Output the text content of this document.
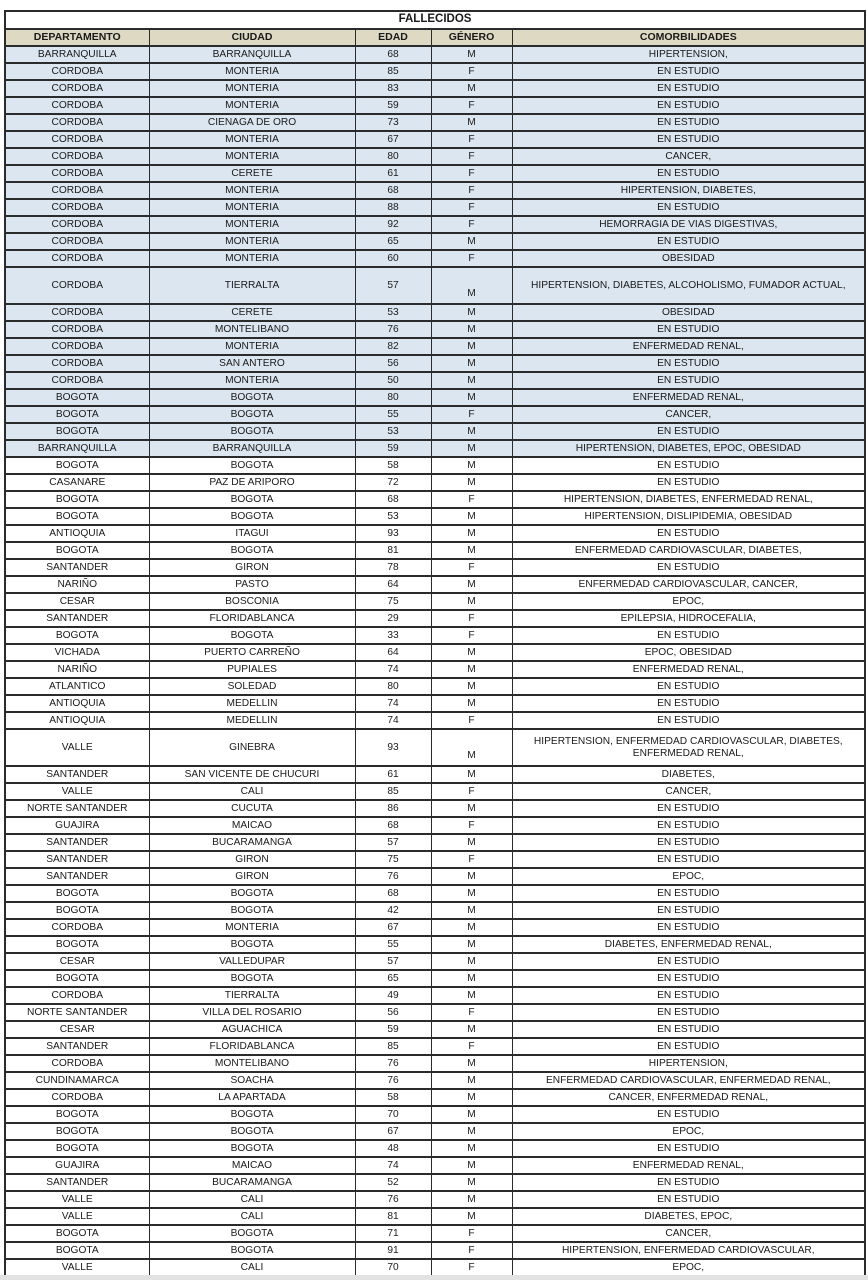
FALLECIDOS				
DEPARTAMENTO	CIUDAD	EDAD	GÉNERO	COMORBILIDADES
BARRANQUILLA	BARRANQUILLA	68	M	HIPERTENSION,
CORDOBA	MONTERIA	85	F	EN ESTUDIO
CORDOBA	MONTERIA	83	M	EN ESTUDIO
CORDOBA	MONTERIA	59	F	EN ESTUDIO
CORDOBA	CIENAGA DE ORO	73	M	EN ESTUDIO
CORDOBA	MONTERIA	67	F	EN ESTUDIO
CORDOBA	MONTERIA	80	F	CANCER,
CORDOBA	CERETE	61	F	EN ESTUDIO
CORDOBA	MONTERIA	68	F	HIPERTENSION, DIABETES,
CORDOBA	MONTERIA	88	F	EN ESTUDIO
CORDOBA	MONTERIA	92	F	HEMORRAGIA DE VIAS DIGESTIVAS,
CORDOBA	MONTERIA	65	M	EN ESTUDIO
CORDOBA	MONTERIA	60	F	OBESIDAD
CORDOBA	TIERRALTA	57	M	HIPERTENSION, DIABETES, ALCOHOLISMO, FUMADOR ACTUAL,
CORDOBA	CERETE	53	M	OBESIDAD
CORDOBA	MONTELIBANO	76	M	EN ESTUDIO
CORDOBA	MONTERIA	82	M	ENFERMEDAD RENAL,
CORDOBA	SAN ANTERO	56	M	EN ESTUDIO
CORDOBA	MONTERIA	50	M	EN ESTUDIO
BOGOTA	BOGOTA	80	M	ENFERMEDAD RENAL,
BOGOTA	BOGOTA	55	F	CANCER,
BOGOTA	BOGOTA	53	M	EN ESTUDIO
BARRANQUILLA	BARRANQUILLA	59	M	HIPERTENSION, DIABETES, EPOC, OBESIDAD
BOGOTA	BOGOTA	58	M	EN ESTUDIO
CASANARE	PAZ DE ARIPORO	72	M	EN ESTUDIO
BOGOTA	BOGOTA	68	F	HIPERTENSION, DIABETES, ENFERMEDAD RENAL,
BOGOTA	BOGOTA	53	M	HIPERTENSION, DISLIPIDEMIA, OBESIDAD
ANTIOQUIA	ITAGUI	93	M	EN ESTUDIO
BOGOTA	BOGOTA	81	M	ENFERMEDAD CARDIOVASCULAR, DIABETES,
SANTANDER	GIRON	78	F	EN ESTUDIO
NARIÑO	PASTO	64	M	ENFERMEDAD CARDIOVASCULAR, CANCER,
CESAR	BOSCONIA	75	M	EPOC,
SANTANDER	FLORIDABLANCA	29	F	EPILEPSIA, HIDROCEFALIA,
BOGOTA	BOGOTA	33	F	EN ESTUDIO
VICHADA	PUERTO CARREÑO	64	M	EPOC, OBESIDAD
NARIÑO	PUPIALES	74	M	ENFERMEDAD RENAL,
ATLANTICO	SOLEDAD	80	M	EN ESTUDIO
ANTIOQUIA	MEDELLIN	74	M	EN ESTUDIO
ANTIOQUIA	MEDELLIN	74	F	EN ESTUDIO
VALLE	GINEBRA	93	M	HIPERTENSION, ENFERMEDAD CARDIOVASCULAR, DIABETES, ENFERMEDAD RENAL,
SANTANDER	SAN VICENTE DE CHUCURI	61	M	DIABETES,
VALLE	CALI	85	F	CANCER,
NORTE SANTANDER	CUCUTA	86	M	EN ESTUDIO
GUAJIRA	MAICAO	68	F	EN ESTUDIO
SANTANDER	BUCARAMANGA	57	M	EN ESTUDIO
SANTANDER	GIRON	75	F	EN ESTUDIO
SANTANDER	GIRON	76	M	EPOC,
BOGOTA	BOGOTA	68	M	EN ESTUDIO
BOGOTA	BOGOTA	42	M	EN ESTUDIO
CORDOBA	MONTERIA	67	M	EN ESTUDIO
BOGOTA	BOGOTA	55	M	DIABETES, ENFERMEDAD RENAL,
CESAR	VALLEDUPAR	57	M	EN ESTUDIO
BOGOTA	BOGOTA	65	M	EN ESTUDIO
CORDOBA	TIERRALTA	49	M	EN ESTUDIO
NORTE SANTANDER	VILLA DEL ROSARIO	56	F	EN ESTUDIO
CESAR	AGUACHICA	59	M	EN ESTUDIO
SANTANDER	FLORIDABLANCA	85	F	EN ESTUDIO
CORDOBA	MONTELIBANO	76	M	HIPERTENSION,
CUNDINAMARCA	SOACHA	76	M	ENFERMEDAD CARDIOVASCULAR, ENFERMEDAD RENAL,
CORDOBA	LA APARTADA	58	M	CANCER, ENFERMEDAD RENAL,
BOGOTA	BOGOTA	70	M	EN ESTUDIO
BOGOTA	BOGOTA	67	M	EPOC,
BOGOTA	BOGOTA	48	M	EN ESTUDIO
GUAJIRA	MAICAO	74	M	ENFERMEDAD RENAL,
SANTANDER	BUCARAMANGA	52	M	EN ESTUDIO
VALLE	CALI	76	M	EN ESTUDIO
VALLE	CALI	81	M	DIABETES, EPOC,
BOGOTA	BOGOTA	71	F	CANCER,
BOGOTA	BOGOTA	91	F	HIPERTENSION, ENFERMEDAD CARDIOVASCULAR,
VALLE	CALI	70	F	EPOC,
